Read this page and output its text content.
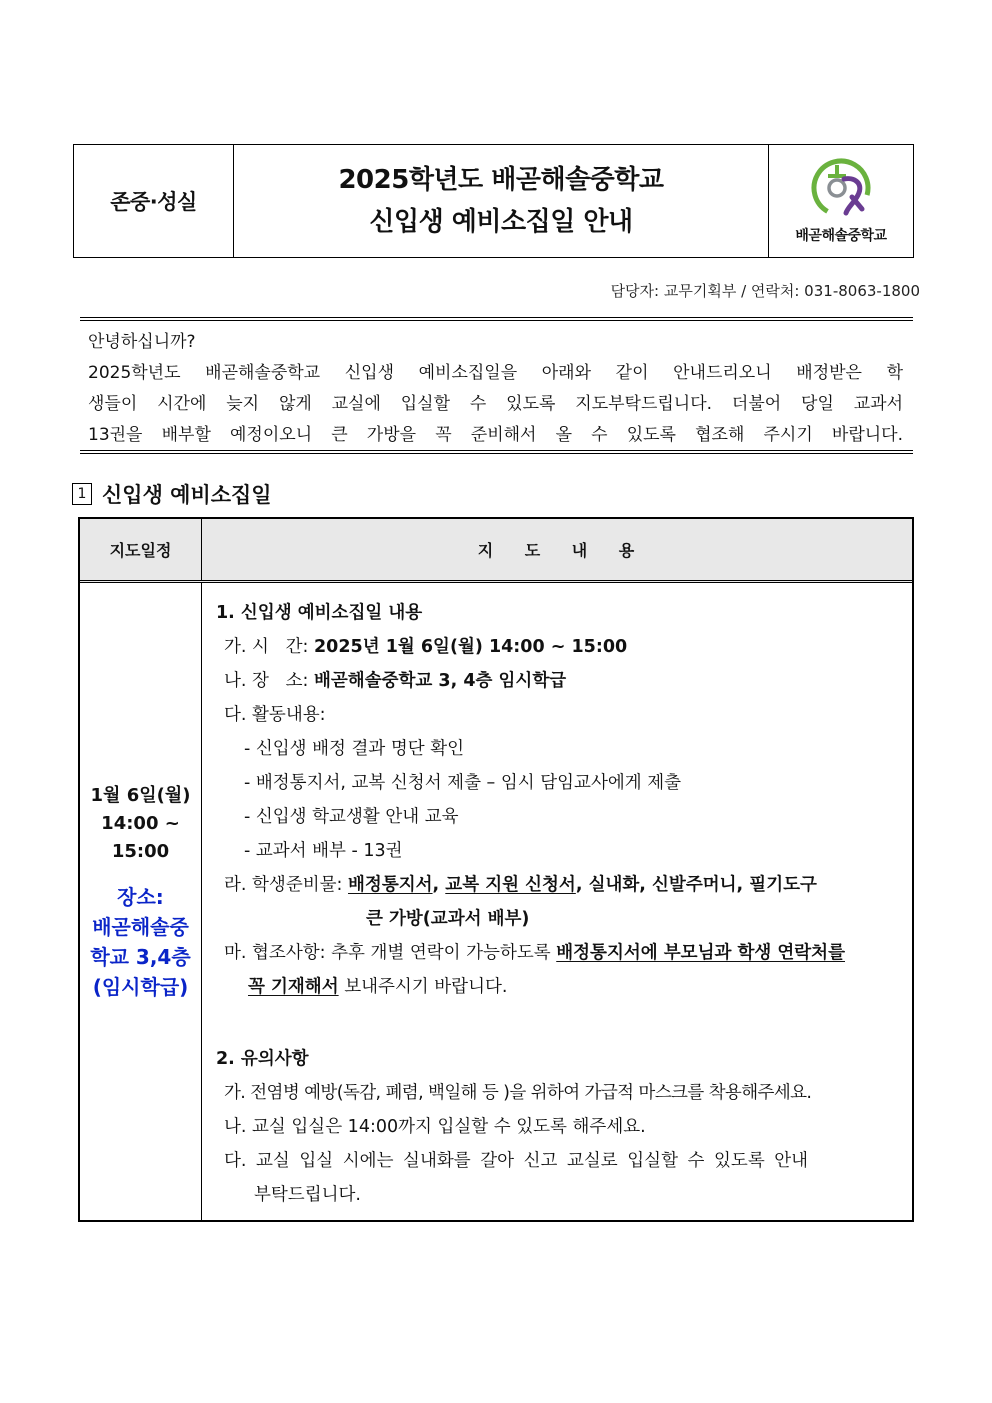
존중·성실
2025학년도 배곧해솔중학교
신입생 예비소집일 안내	배곧해솔중학교
담당자: 교무기획부 / 연락처: 031-8063-1800

안녕하십니까?

2025학년도 배곧해솔중학교 신입생 예비소집일을 아래와 같이 안내드리오니 배정받은 학

생들이 시간에 늦지 않게 교실에 입실할 수 있도록 지도부탁드립니다. 더불어 당일 교과서

13권을 배부할 예정이오니 큰 가방을 꼭 준비해서 올 수 있도록 협조해 주시기 바랍니다.

1 신입생 예비소집일
지도일정	지 도 내 용
1월 6일(월)
14:00 ~
15:00
장소:
배곧해솔중
학교 3,4층
(임시학급)
1. 신입생 예비소집일 내용
가. 시   간: 2025년 1월 6일(월) 14:00 ~ 15:00
나. 장   소: 배곧해솔중학교 3, 4층 임시학급
다. 활동내용:
- 신입생 배정 결과 명단 확인
- 배정통지서, 교복 신청서 제출 – 임시 담임교사에게 제출
- 신입생 학교생활 안내 교육
- 교과서 배부 - 13권
라. 학생준비물: 배정통지서, 교복 지원 신청서, 실내화, 신발주머니, 필기도구
큰 가방(교과서 배부)
마. 협조사항: 추후 개별 연락이 가능하도록 배정통지서에 부모님과 학생 연락처를
꼭 기재해서 보내주시기 바랍니다.
2. 유의사항
가. 전염병 예방(독감, 폐렴, 백일해 등 )을 위하여 가급적 마스크를 착용해주세요.
나. 교실 입실은 14:00까지 입실할 수 있도록 해주세요.
다. 교실 입실 시에는 실내화를 갈아 신고 교실로 입실할 수 있도록 안내
부탁드립니다.
